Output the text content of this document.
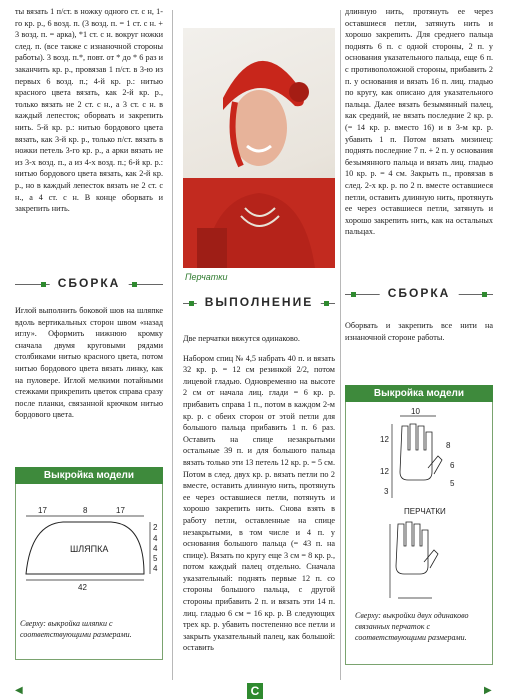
ты вязать 1 п/ст. в ножку одного ст. с н, 1-го кр. р., 6 возд. п. (3 возд. п. = 1 ст. с н. + 3 возд. п. = арка), *1 ст. с н. вокруг ножки след. п. (все также с изнаночной стороны работы). 3 возд. п.*, повт. от * до * 6 раз и заканчить кр. р., провязав 1 п/ст. в 3-ю из первых 6 возд. п.; 4-й кр. р.: нитью красного цвета вязать, как 2-й кр. р., только вязать не 2 ст. с н., а 3 ст. с н. в каждый лепесток; оборвать и закрепить нить. 5-й кр. р.: нитью бордового цвета вязать, как 3-й кр. р., только п/ст. вязать в ножки петель 3-го кр. р., а арки вязать не из 3-х возд. п., а из 4-х возд. п.; 6-й кр. р.: нитью бордового цвета вязать, как 2-й кр. р., но в каждый лепесток вязать не 2 ст. с н., а 4 ст. с н. В конце оборвать и закрепить нить.

СБОРКА

Иглой выполнить боковой шов на шляпке вдоль вертикальных сторон швом «назад иглу». Оформить нижнюю кромку сначала двумя круговыми рядами столбиками нитью красного цвета, потом нитью бордового цвета вязать линку, как на пуловере. Иглой мелкими потайными стежками прикрепить цветок справа сразу после планки, связанной крючком нитью бордового цвета.

Выкройка модели
17	8	17
ШЛЯПКА
42
2
4
4
5
4
Сверху: выкройка шляпки с соответствующими размерами.
◀
Перчатки
ВЫПОЛНЕНИЕ

Две перчатки вяжутся одинаково.

Набором спиц № 4,5 набрать 40 п. и вязать 32 кр. р. = 12 см резинкой 2/2, потом лицевой гладью. Одновременно на высоте 2 см от начала лиц. глади = 6 кр. р. прибавить справа 1 п., потом в каждом 2-м кр. р. с обеих сторон от этой петли для большого пальца прибавить 1 п. 6 раз. Оставить на спице незакрытыми остальные 39 п. и для большого пальца вязать только эти 13 петель 12 кр. р. = 5 см. Потом в след. двух кр. р. вязать петли по 2 вместе, оставить длинную нить, протянуть ее через оставшиеся петли, потянуть и хорошо закрепить нить. Снова взять в работу петли, оставленные на спице незакрытыми, в том числе и 4 п. у основания большого пальца (= 43 п. на спице). Вязать по кругу еще 3 см = 8 кр. р., потом каждый палец отдельно. Сначала указательный: поднять первые 12 п. со стороны большого пальца, с другой стороны прибавить 2 п. и вязать эти 14 п. лиц. гладью 6 см = 16 кр. р. В следующих трех кр. р. убавить постепенно все петли и закрыть указательный палец, как большой: оставить

длинную нить, протянуть ее через оставшиеся петли, затянуть нить и хорошо закрепить. Для среднего пальца поднять 6 п. с одной стороны, 2 п. у основания указательного пальца, еще 6 п. с противоположной стороны, прибавить 2 п. у основания и вязать 16 п. лиц. гладью по кругу, как описано для указательного пальца. Далее вязать безымянный палец, как средний, не вязать последние 2 кр. р. (= 14 кр. р. вместо 16) и в 3-м кр. р. убавить 1 п. Потом вязать мизинец: поднять последние 7 п. + 2 п. у основания безымянного пальца и вязать лиц. гладью 10 кр. р. = 4 см. Закрыть п., провязав в след. 2-х кр. р. по 2 п. вместе оставшиеся петли, оставить длинную нить, протянуть ее через оставшиеся петли, затянуть и хорошо закрепить нить, как на остальных пальцах.

СБОРКА

Оборвать и закрепить все нити на изнаночной стороне работы.

Выкройка модели
10
12
12
3
8
6
5
ПЕРЧАТКИ
Сверху: выкройки двух одинаково связанных перчаток с соответствующими размерами.
▶
С
